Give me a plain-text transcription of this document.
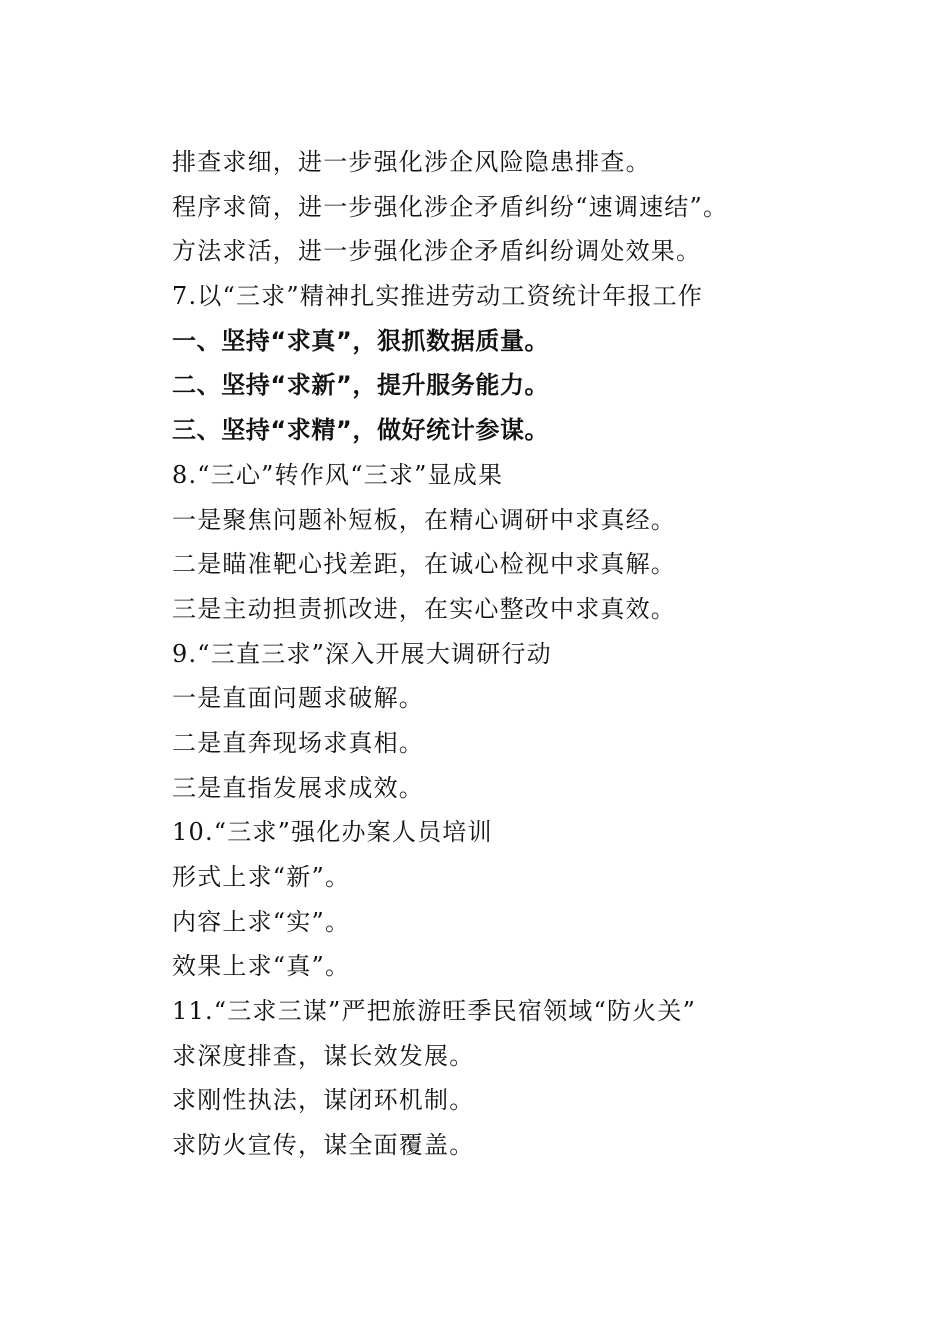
排查求细，进一步强化涉企风险隐患排查。
程序求简，进一步强化涉企矛盾纠纷“速调速结”。
方法求活，进一步强化涉企矛盾纠纷调处效果。
7.以“三求”精神扎实推进劳动工资统计年报工作
一、坚持“求真”，狠抓数据质量。
二、坚持“求新”，提升服务能力。
三、坚持“求精”，做好统计参谋。
8.“三心”转作风“三求”显成果
一是聚焦问题补短板，在精心调研中求真经。
二是瞄准靶心找差距，在诚心检视中求真解。
三是主动担责抓改进，在实心整改中求真效。
9.“三直三求”深入开展大调研行动
一是直面问题求破解。
二是直奔现场求真相。
三是直指发展求成效。
10.“三求”强化办案人员培训
形式上求“新”。
内容上求“实”。
效果上求“真”。
11.“三求三谋”严把旅游旺季民宿领域“防火关”
求深度排查，谋长效发展。
求刚性执法，谋闭环机制。
求防火宣传，谋全面覆盖。
